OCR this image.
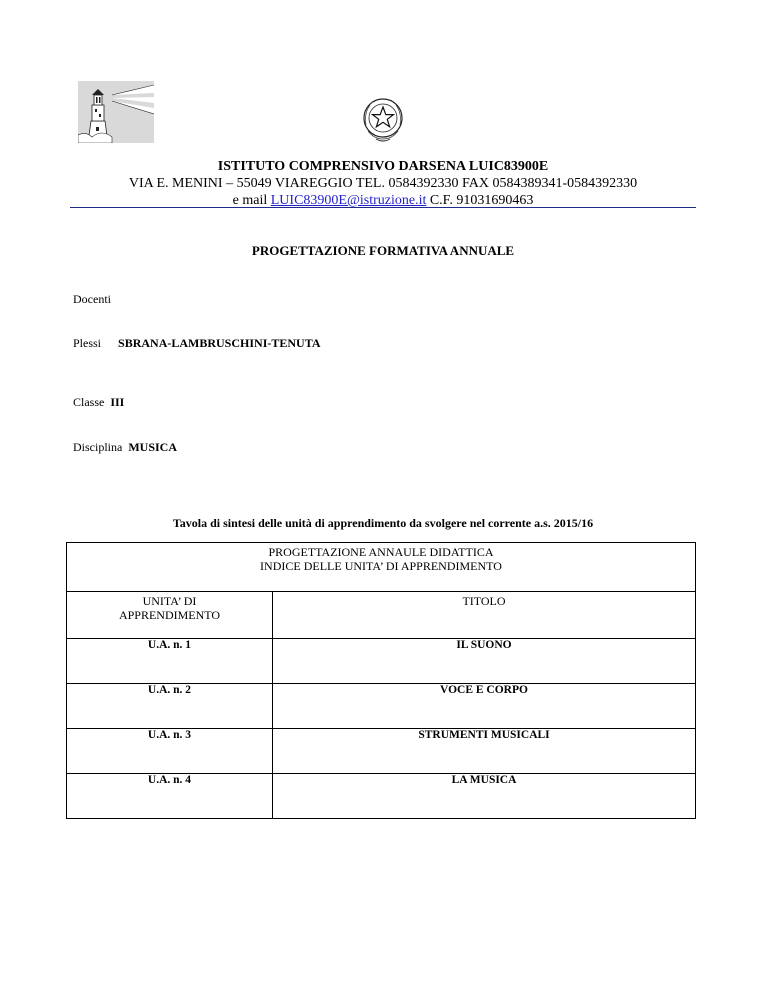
ISTITUTO COMPRENSIVO DARSENA LUIC83900E
VIA E. MENINI – 55049 VIAREGGIO TEL. 0584392330 FAX 0584389341-0584392330
e mail LUIC83900E@istruzione.it C.F. 91031690463
PROGETTAZIONE FORMATIVA ANNUALE
Docenti
Plessi SBRANA-LAMBRUSCHINI-TENUTA
Classe III
Disciplina MUSICA
Tavola di sintesi delle unità di apprendimento da svolgere nel corrente a.s. 2015/16
PROGETTAZIONE ANNAULE DIDATTICA
INDICE DELLE UNITA’ DI APPRENDIMENTO	

UNITA’ DI
APPRENDIMENTO	TITOLO
U.A. n. 1	IL SUONO
U.A. n. 2	VOCE E CORPO
U.A. n. 3	STRUMENTI MUSICALI
U.A. n. 4	LA MUSICA
